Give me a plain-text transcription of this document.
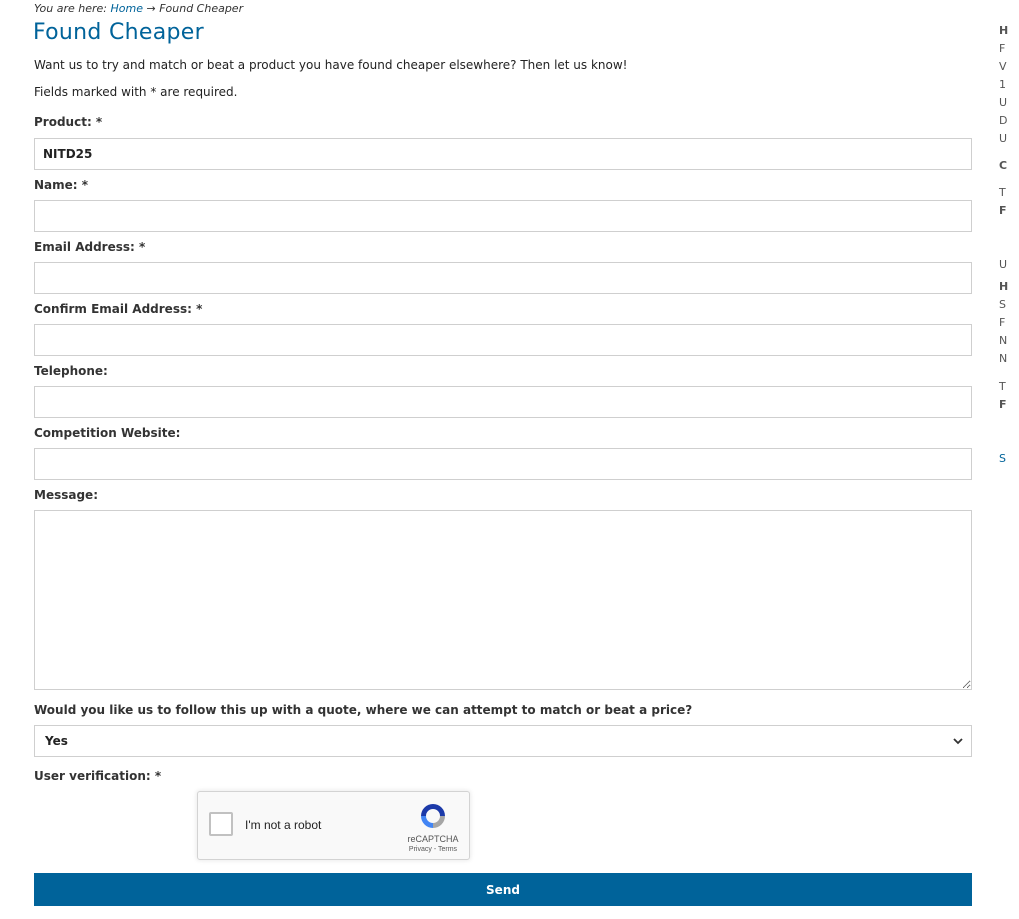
You are here: Home → Found Cheaper
Found Cheaper
Want us to try and match or beat a product you have found cheaper elsewhere? Then let us know!
Fields marked with * are required.
Product: *
NITD25
Name: *
Email Address: *
Confirm Email Address: *
Telephone:
Competition Website:
Message:
Would you like us to follow this up with a quote, where we can attempt to match or beat a price?
Yes
User verification: *
I'm not a robot
reCAPTCHA
Privacy - Terms
Send
H
F
V
1
U
D
U
C
T
F
U
H
S
F
N
N
T
F
S
